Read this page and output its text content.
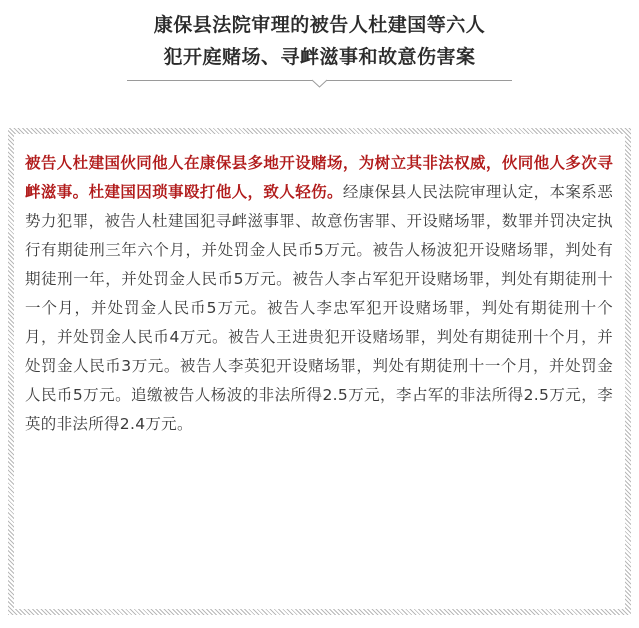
康保县法院审理的被告人杜建国等六人
犯开庭赌场、寻衅滋事和故意伤害案
被告人杜建国伙同他人在康保县多地开设赌场，为树立其非法权威，伙同他人多次寻衅滋事。杜建国因琐事殴打他人，致人轻伤。经康保县人民法院审理认定，本案系恶势力犯罪，被告人杜建国犯寻衅滋事罪、故意伤害罪、开设赌场罪，数罪并罚决定执行有期徒刑三年六个月，并处罚金人民币5万元。被告人杨波犯开设赌场罪，判处有期徒刑一年，并处罚金人民币5万元。被告人李占军犯开设赌场罪，判处有期徒刑十一个月，并处罚金人民币5万元。被告人李忠军犯开设赌场罪，判处有期徒刑十个月，并处罚金人民币4万元。被告人王进贵犯开设赌场罪，判处有期徒刑十个月，并处罚金人民币3万元。被告人李英犯开设赌场罪，判处有期徒刑十一个月，并处罚金人民币5万元。追缴被告人杨波的非法所得2.5万元，李占军的非法所得2.5万元，李英的非法所得2.4万元。
